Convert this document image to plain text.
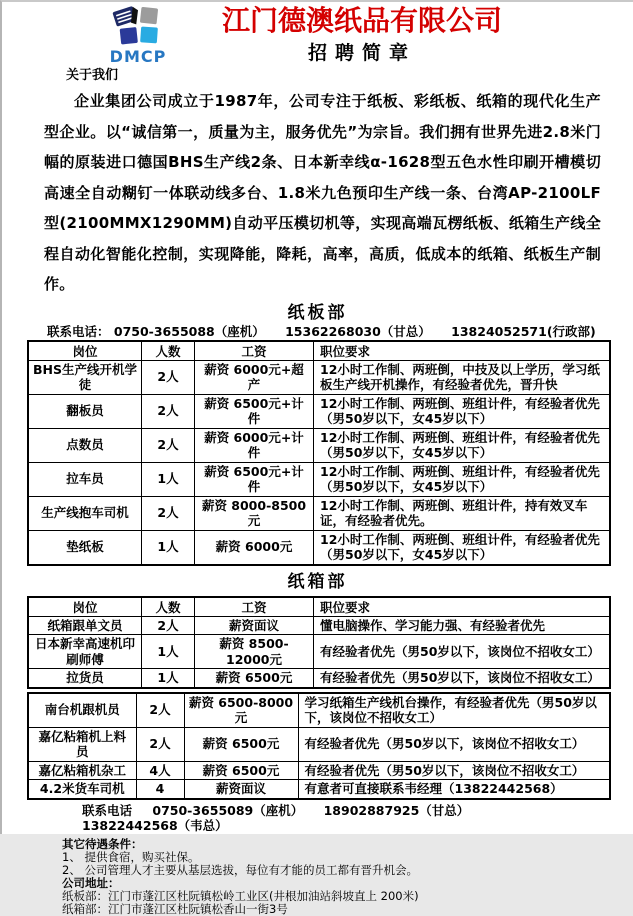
DMCP
江门德澳纸品有限公司
招聘简章
关于我们
企业集团公司成立于1987年，公司专注于纸板、彩纸板、纸箱的现代化生产型企业。以“诚信第一，质量为主，服务优先”为宗旨。我们拥有世界先进2.8米门幅的原装进口德国BHS生产线2条、日本新幸线α-1628型五色水性印刷开槽模切高速全自动糊钉一体联动线多台、1.8米九色预印生产线一条、台湾AP-2100LF型(2100MMX1290MM)自动平压模切机等，实现高端瓦楞纸板、纸箱生产线全程自动化智能化控制，实现降能，降耗，高率，高质，低成本的纸箱、纸板生产制作。
纸板部
联系电话： 0750-3655088（座机） 15362268030（甘总） 13824052571(行政部)
岗位	人数	工资	职位要求
BHS生产线开机学徒	2人	薪资 6000元+超产	12小时工作制、两班倒，中技及以上学历，学习纸板生产线开机操作，有经验者优先，晋升快
翻板员	2人	薪资 6500元+计件	12小时工作制、两班倒、班组计件，有经验者优先（男50岁以下，女45岁以下）
点数员	2人	薪资 6000元+计件	12小时工作制、两班倒、班组计件，有经验者优先（男50岁以下，女45岁以下）
拉车员	1人	薪资 6500元+计件	12小时工作制、两班倒、班组计件，有经验者优先（男50岁以下，女45岁以下）
生产线抱车司机	2人	薪资 8000-8500元	12小时工作制、两班倒、班组计件，持有效叉车证，有经验者优先。
垫纸板	1人	薪资 6000元	12小时工作制、两班倒、班组计件，有经验者优先（男50岁以下，女45岁以下）
纸箱部
岗位	人数	工资	职位要求
纸箱跟单文员	2人	薪资面议	懂电脑操作、学习能力强、有经验者优先
日本新幸高速机印刷师傅	1人	薪资 8500-12000元	有经验者优先（男50岁以下，该岗位不招收女工）
拉货员	1人	薪资 6500元	有经验者优先（男50岁以下，该岗位不招收女工）
南台机跟机员	2人	薪资 6500-8000元	学习纸箱生产线机台操作，有经验者优先（男50岁以下，该岗位不招收女工）
嘉亿粘箱机上料员	2人	薪资 6500元	有经验者优先（男50岁以下，该岗位不招收女工）
嘉亿粘箱机杂工	4人	薪资 6500元	有经验者优先（男50岁以下，该岗位不招收女工）
4.2米货车司机	4	薪资面议	有意者可直接联系韦经理（13822442568）
联系电话 0750-3655089（座机） 18902887925（甘总） 13822442568（韦总）
其它待遇条件：
1、 提供食宿，购买社保。
2、 公司管理人才主要从基层选拔，每位有才能的员工都有晋升机会。
公司地址：
纸板部：江门市蓬江区杜阮镇松岭工业区(井根加油站斜坡直上 200米)
纸箱部：江门市蓬江区杜阮镇松香山一街3号
